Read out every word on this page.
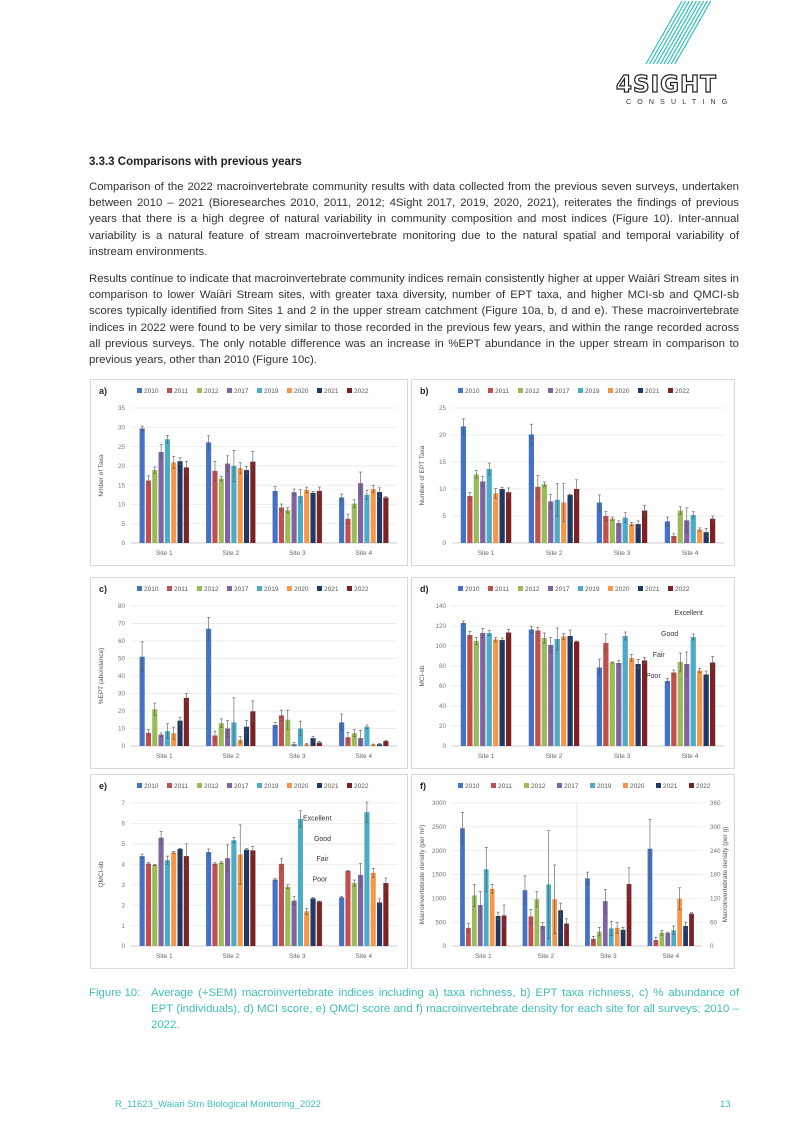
4SIGHT
CONSULTING
3.3.3 Comparisons with previous years
Comparison of the 2022 macroinvertebrate community results with data collected from the previous seven surveys, undertaken between 2010 – 2021 (Bioresearches 2010, 2011, 2012; 4Sight 2017, 2019, 2020, 2021), reiterates the findings of previous years that there is a high degree of natural variability in community composition and most indices (Figure 10). Inter-annual variability is a natural feature of stream macroinvertebrate monitoring due to the natural spatial and temporal variability of instream environments.
Results continue to indicate that macroinvertebrate community indices remain consistently higher at upper Waiāri Stream sites in comparison to lower Waiāri Stream sites, with greater taxa diversity, number of EPT taxa, and higher MCI-sb and QMCI-sb scores typically identified from Sites 1 and 2 in the upper stream catchment (Figure 10a, b, d and e). These macroinvertebrate indices in 2022 were found to be very similar to those recorded in the previous few years, and within the range recorded across all previous surveys. The only notable difference was an increase in %EPT abundance in the upper stream in comparison to previous years, other than 2010 (Figure 10c).
a)	2010 2011 2012 2017 2019 2020 2021 2022
0
5
10
15
20
25
30
35
Nmber of Taxa
Site 1	Site 2	Site 3	Site 4
b)	2010 2011 2012 2017 2019 2020 2021 2022
0
5
10
15
20
25
Number of EPT Taxa
Site 1	Site 2	Site 3	Site 4
c)	2010 2011 2012 2017 2019 2020 2021 2022
0
10
20
30
40
50
60
70
80
%EPT (abundance)
Site 1	Site 2	Site 3	Site 4
d)	2010 2011 2012 2017 2019 2020 2021 2022
0
20
40
60
80
100
120
140
MCI-sb
Site 1	Site 2	Site 3	Site 4
Excellent
Good
Fair
Poor
e)	2010 2011 2012 2017 2019 2020 2021 2022
0
1
2
3
4
5
6
7
QMCI-sb
Site 1	Site 2	Site 3	Site 4
Excellent
Good
Fair
Poor
f)	2010	2011	2012	2017	2019	2020	2021	2022
0
500
1000
1500
2000
2500
3000
0
60
120
180
240
300
360
Macroinvertebrate density (per g)
Macroinvertebrate density (per m²)
Site 1	Site 2	Site 3	Site 4
Figure 10: Average (+SEM) macroinvertebrate indices including a) taxa richness, b) EPT taxa richness, c) % abundance of EPT (individuals), d) MCI score, e) QMCI score and f) macroinvertebrate density for each site for all surveys; 2010 – 2022.
R_11623_Waiari Stm Biological Monitoring_2022	13
